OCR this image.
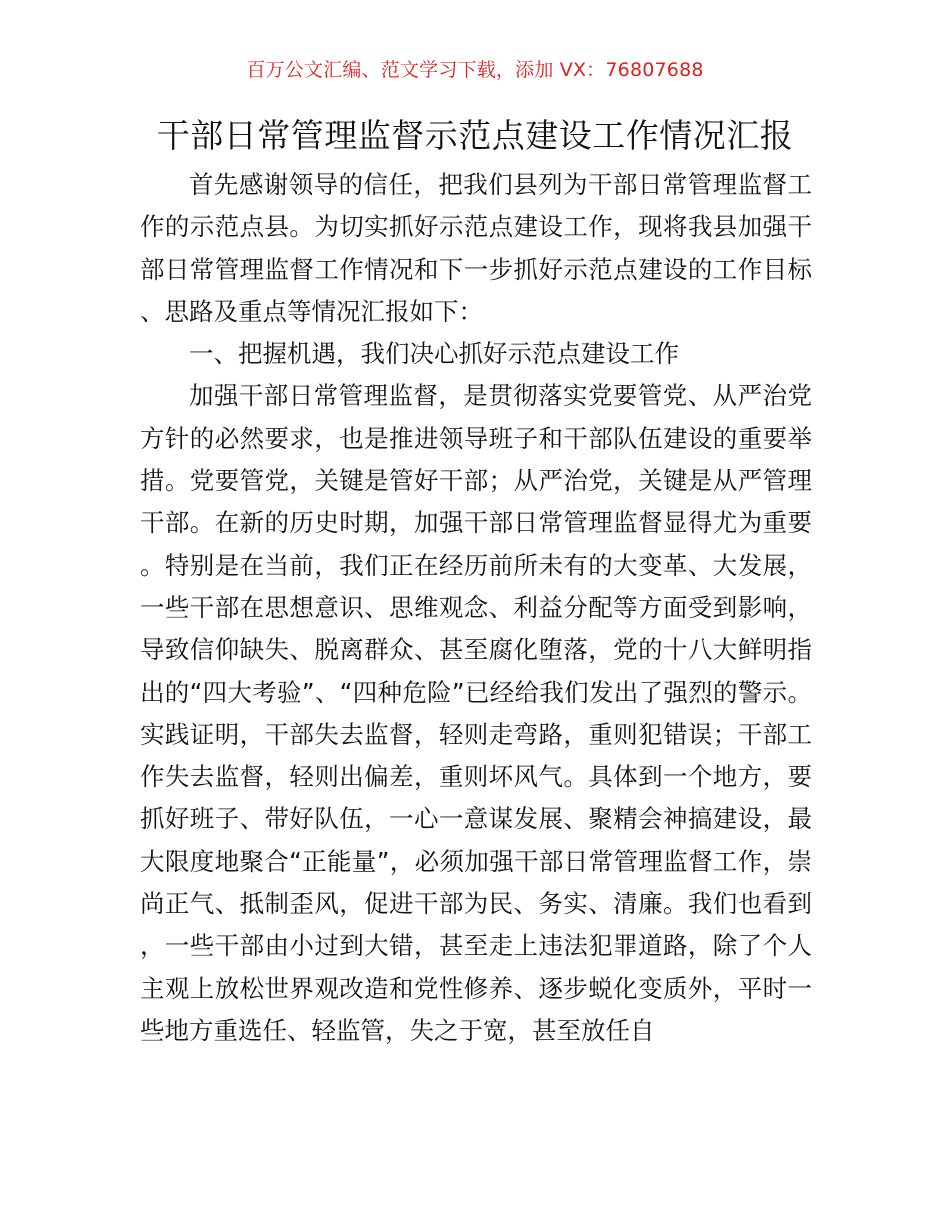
百万公文汇编、范文学习下载，添加 VX：76807688
干部日常管理监督示范点建设工作情况汇报

首先感谢领导的信任，把我们县列为干部日常管理监督工作的示范点县。为切实抓好示范点建设工作，现将我县加强干部日常管理监督工作情况和下一步抓好示范点建设的工作目标、思路及重点等情况汇报如下：

一、把握机遇，我们决心抓好示范点建设工作

加强干部日常管理监督，是贯彻落实党要管党、从严治党方针的必然要求，也是推进领导班子和干部队伍建设的重要举措。党要管党，关键是管好干部；从严治党，关键是从严管理干部。在新的历史时期，加强干部日常管理监督显得尤为重要。特别是在当前，我们正在经历前所未有的大变革、大发展，一些干部在思想意识、思维观念、利益分配等方面受到影响，导致信仰缺失、脱离群众、甚至腐化堕落，党的十八大鲜明指出的“四大考验”、“四种危险”已经给我们发出了强烈的警示。实践证明，干部失去监督，轻则走弯路，重则犯错误；干部工作失去监督，轻则出偏差，重则坏风气。具体到一个地方，要抓好班子、带好队伍，一心一意谋发展、聚精会神搞建设，最大限度地聚合“正能量”，必须加强干部日常管理监督工作，崇尚正气、抵制歪风，促进干部为民、务实、清廉。我们也看到，一些干部由小过到大错，甚至走上违法犯罪道路，除了个人主观上放松世界观改造和党性修养、逐步蜕化变质外，平时一些地方重选任、轻监管，失之于宽，甚至放任自
